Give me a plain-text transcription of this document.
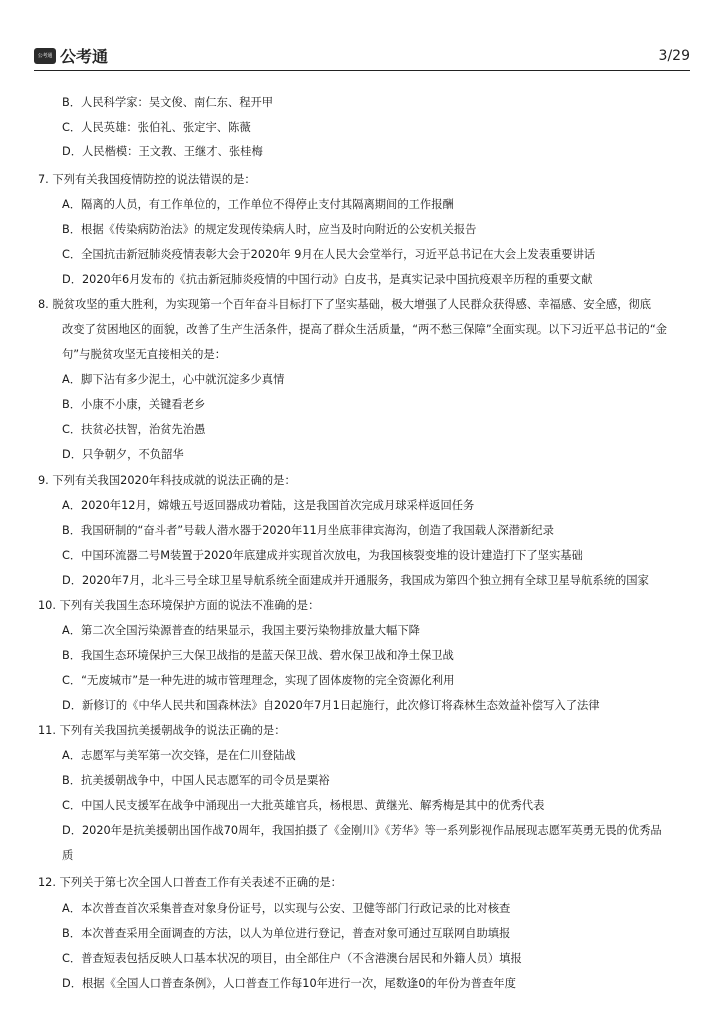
公考通 公考通	3/29
B．人民科学家：吴文俊、南仁东、程开甲
C．人民英雄：张伯礼、张定宇、陈薇
D．人民楷模：王文教、王继才、张桂梅
7. 下列有关我国疫情防控的说法错误的是：
A．隔离的人员，有工作单位的，工作单位不得停止支付其隔离期间的工作报酬
B．根据《传染病防治法》的规定发现传染病人时，应当及时向附近的公安机关报告
C．全国抗击新冠肺炎疫情表彰大会于2020年 9月在人民大会堂举行，习近平总书记在大会上发表重要讲话
D．2020年6月发布的《抗击新冠肺炎疫情的中国行动》白皮书，是真实记录中国抗疫艰辛历程的重要文献
8. 脱贫攻坚的重大胜利，为实现第一个百年奋斗目标打下了坚实基础，极大增强了人民群众获得感、幸福感、安全感，彻底
改变了贫困地区的面貌，改善了生产生活条件，提高了群众生活质量，“两不愁三保障”全面实现。以下习近平总书记的“金
句”与脱贫攻坚无直接相关的是：
A．脚下沾有多少泥土，心中就沉淀多少真情
B．小康不小康，关键看老乡
C．扶贫必扶智，治贫先治愚
D．只争朝夕，不负韶华
9. 下列有关我国2020年科技成就的说法正确的是：
A．2020年12月，嫦娥五号返回器成功着陆，这是我国首次完成月球采样返回任务
B．我国研制的“奋斗者”号载人潜水器于2020年11月坐底菲律宾海沟，创造了我国载人深潜新纪录
C．中国环流器二号M装置于2020年底建成并实现首次放电，为我国核裂变堆的设计建造打下了坚实基础
D．2020年7月，北斗三号全球卫星导航系统全面建成并开通服务，我国成为第四个独立拥有全球卫星导航系统的国家
10. 下列有关我国生态环境保护方面的说法不准确的是：
A．第二次全国污染源普查的结果显示，我国主要污染物排放量大幅下降
B．我国生态环境保护三大保卫战指的是蓝天保卫战、碧水保卫战和净土保卫战
C．“无废城市”是一种先进的城市管理理念，实现了固体废物的完全资源化利用
D．新修订的《中华人民共和国森林法》自2020年7月1日起施行，此次修订将森林生态效益补偿写入了法律
11. 下列有关我国抗美援朝战争的说法正确的是：
A．志愿军与美军第一次交锋，是在仁川登陆战
B．抗美援朝战争中，中国人民志愿军的司令员是粟裕
C．中国人民支援军在战争中涌现出一大批英雄官兵，杨根思、黄继光、解秀梅是其中的优秀代表
D．2020年是抗美援朝出国作战70周年，我国拍摄了《金刚川》《芳华》等一系列影视作品展现志愿军英勇无畏的优秀品
质
12. 下列关于第七次全国人口普查工作有关表述不正确的是：
A．本次普查首次采集普查对象身份证号，以实现与公安、卫健等部门行政记录的比对核查
B．本次普查采用全面调查的方法，以人为单位进行登记，普查对象可通过互联网自助填报
C．普查短表包括反映人口基本状况的项目，由全部住户（不含港澳台居民和外籍人员）填报
D．根据《全国人口普查条例》，人口普查工作每10年进行一次，尾数逢0的年份为普查年度
